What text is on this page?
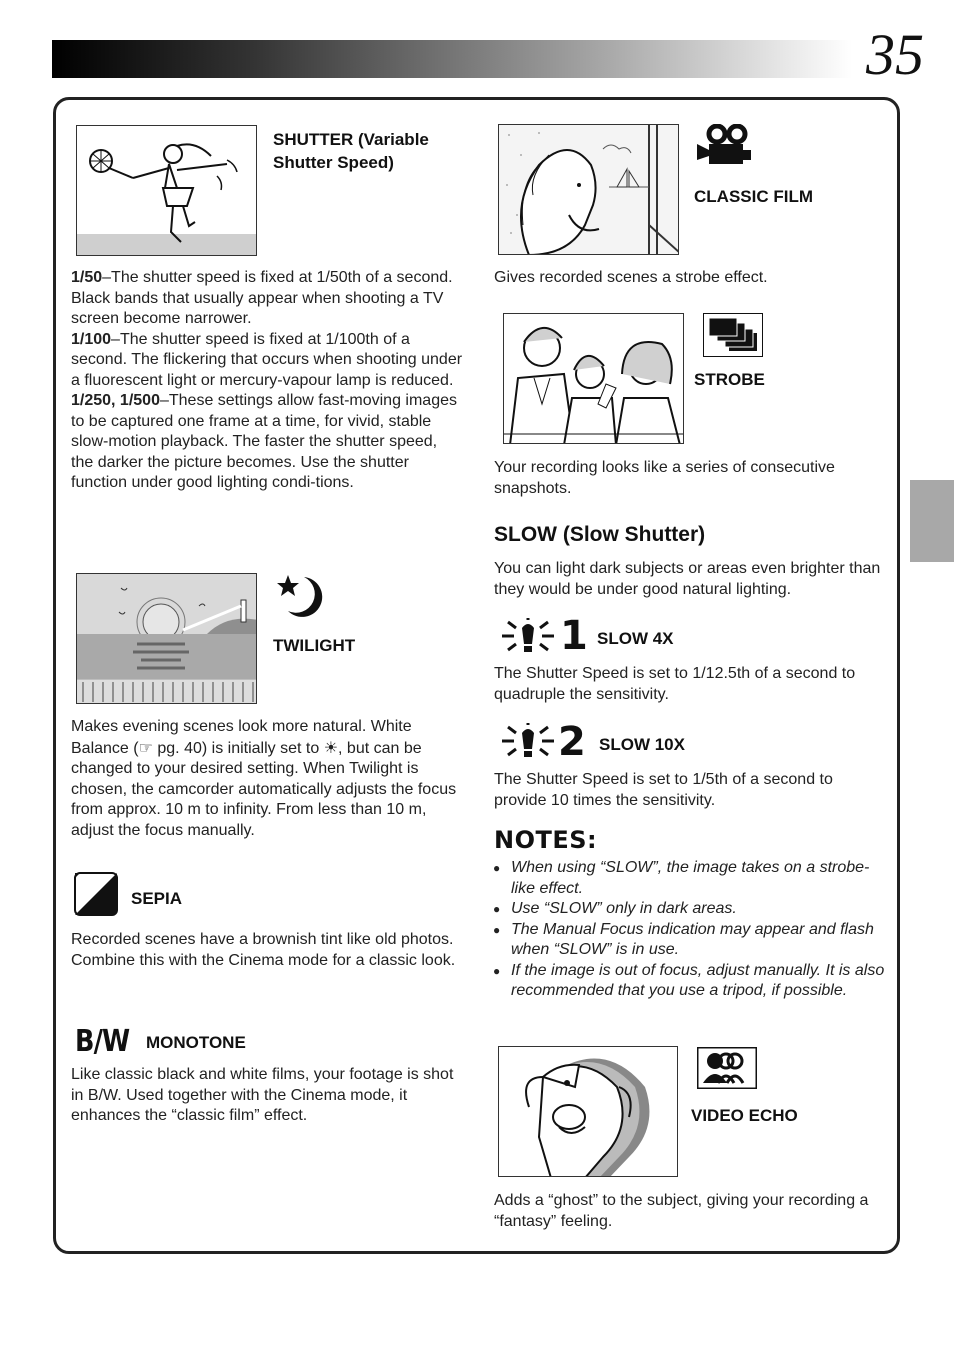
35
SHUTTER (Variable Shutter Speed)
1/50–The shutter speed is fixed at 1/50th of a second. Black bands that usually appear when shooting a TV screen become narrower.
1/100–The shutter speed is fixed at 1/100th of a second. The flickering that occurs when shooting under a fluorescent light or mercury-vapour lamp is reduced.
1/250, 1/500–These settings allow fast-moving images to be captured one frame at a time, for vivid, stable slow-motion playback. The faster the shutter speed, the darker the picture becomes. Use the shutter function under good lighting condi-tions.
TWILIGHT
Makes evening scenes look more natural. White Balance (☞ pg. 40) is initially set to ☀, but can be changed to your desired setting. When Twilight is chosen, the camcorder automatically adjusts the focus from approx. 10 m to infinity. From less than 10 m, adjust the focus manually.
SEPIA
Recorded scenes have a brownish tint like old photos. Combine this with the Cinema mode for a classic look.
B/W MONOTONE
Like classic black and white films, your footage is shot in B/W. Used together with the Cinema mode, it enhances the “classic film” effect.
CLASSIC FILM
Gives recorded scenes a strobe effect.
STROBE
Your recording looks like a series of consecutive snapshots.
SLOW (Slow Shutter)
You can light dark subjects or areas even brighter than they would be under good natural lighting.
1 SLOW 4X
The Shutter Speed is set to 1/12.5th of a second to quadruple the sensitivity.
2 SLOW 10X
The Shutter Speed is set to 1/5th of a second to provide 10 times the sensitivity.
NOTES:
● When using “SLOW”, the image takes on a strobe-like effect.
● Use “SLOW” only in dark areas.
● The Manual Focus indication may appear and flash when “SLOW” is in use.
● If the image is out of focus, adjust manually. It is also recommended that you use a tripod, if possible.
VIDEO ECHO
Adds a “ghost” to the subject, giving your recording a “fantasy” feeling.
